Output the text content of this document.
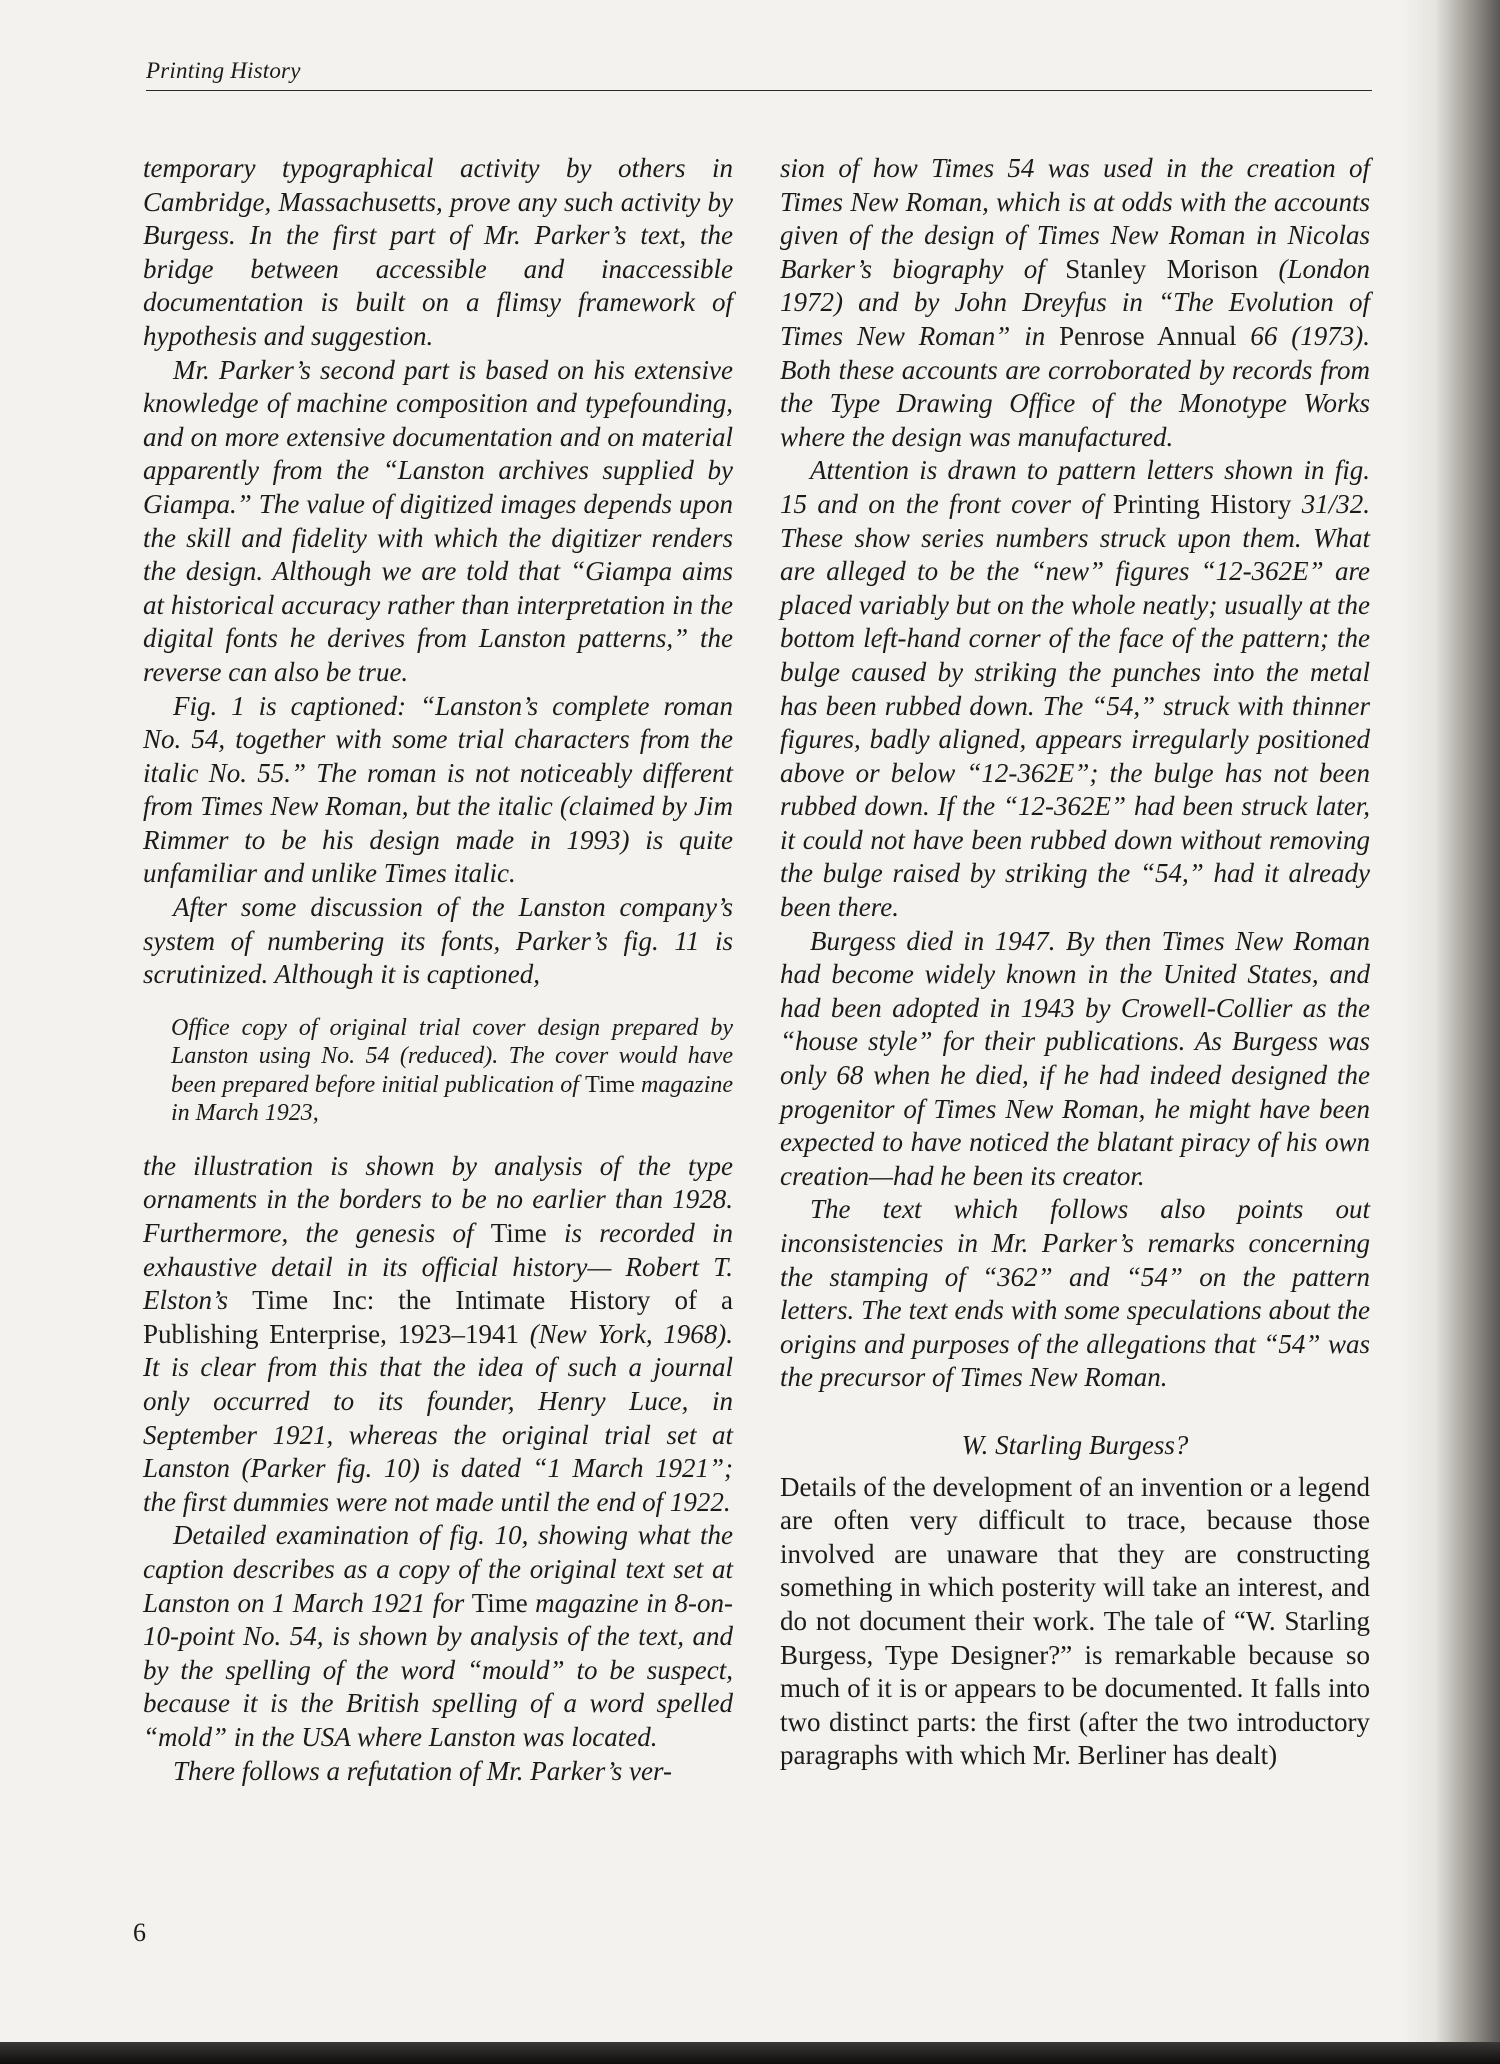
Printing History

temporary typographical activity by others in Cambridge, Massachusetts, prove any such activity by Burgess. In the first part of Mr. Parker’s text, the bridge between accessible and inaccessible documentation is built on a flimsy framework of hypothesis and suggestion.

Mr. Parker’s second part is based on his extensive knowledge of machine composition and typefounding, and on more extensive documentation and on material apparently from the “Lanston archives supplied by Giampa.” The value of digitized images depends upon the skill and fidelity with which the digitizer renders the design. Although we are told that “Giampa aims at historical accuracy rather than interpretation in the digital fonts he derives from Lanston patterns,” the reverse can also be true.

Fig. 1 is captioned: “Lanston’s complete roman No. 54, together with some trial characters from the italic No. 55.” The roman is not noticeably different from Times New Roman, but the italic (claimed by Jim Rimmer to be his design made in 1993) is quite unfamiliar and unlike Times italic.

After some discussion of the Lanston company’s system of numbering its fonts, Parker’s fig. 11 is scrutinized. Although it is captioned,

Office copy of original trial cover design prepared by Lanston using No. 54 (reduced). The cover would have been prepared before initial publication of Time magazine in March 1923,

the illustration is shown by analysis of the type ornaments in the borders to be no earlier than 1928. Furthermore, the genesis of Time is recorded in exhaustive detail in its official history— Robert T. Elston’s Time Inc: the Intimate History of a Publishing Enterprise, 1923–1941 (New York, 1968). It is clear from this that the idea of such a journal only occurred to its founder, Henry Luce, in September 1921, whereas the original trial set at Lanston (Parker fig. 10) is dated “1 March 1921”; the first dummies were not made until the end of 1922.

Detailed examination of fig. 10, showing what the caption describes as a copy of the original text set at Lanston on 1 March 1921 for Time magazine in 8-on-10-point No. 54, is shown by analysis of the text, and by the spelling of the word “mould” to be suspect, because it is the British spelling of a word spelled “mold” in the USA where Lanston was located.

There follows a refutation of Mr. Parker’s ver-

sion of how Times 54 was used in the creation of Times New Roman, which is at odds with the accounts given of the design of Times New Roman in Nicolas Barker’s biography of Stanley Morison (London 1972) and by John Dreyfus in “The Evolution of Times New Roman” in Penrose Annual 66 (1973). Both these accounts are corroborated by records from the Type Drawing Office of the Monotype Works where the design was manufactured.

Attention is drawn to pattern letters shown in fig. 15 and on the front cover of Printing History 31/32. These show series numbers struck upon them. What are alleged to be the “new” figures “12-362E” are placed variably but on the whole neatly; usually at the bottom left-hand corner of the face of the pattern; the bulge caused by striking the punches into the metal has been rubbed down. The “54,” struck with thinner figures, badly aligned, appears irregularly positioned above or below “12-362E”; the bulge has not been rubbed down. If the “12-362E” had been struck later, it could not have been rubbed down without removing the bulge raised by striking the “54,” had it already been there.

Burgess died in 1947. By then Times New Roman had become widely known in the United States, and had been adopted in 1943 by Crowell-Collier as the “house style” for their publications. As Burgess was only 68 when he died, if he had indeed designed the progenitor of Times New Roman, he might have been expected to have noticed the blatant piracy of his own creation—had he been its creator.

The text which follows also points out inconsistencies in Mr. Parker’s remarks concerning the stamping of “362” and “54” on the pattern letters. The text ends with some speculations about the origins and purposes of the allegations that “54” was the precursor of Times New Roman.

W. Starling Burgess?

Details of the development of an invention or a legend are often very difficult to trace, because those involved are unaware that they are constructing something in which posterity will take an interest, and do not document their work. The tale of “W. Starling Burgess, Type Designer?” is remarkable because so much of it is or appears to be documented. It falls into two distinct parts: the first (after the two introductory paragraphs with which Mr. Berliner has dealt)

6
